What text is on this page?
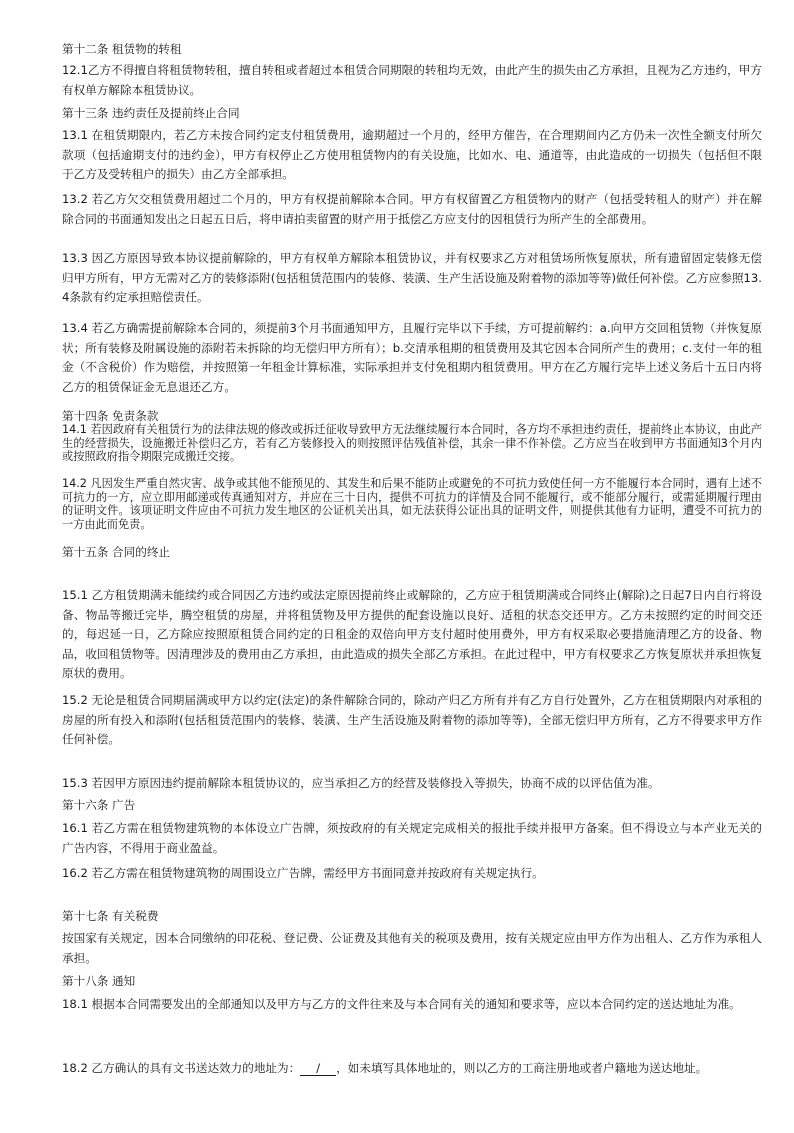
第十二条 租赁物的转租
12.1乙方不得擅自将租赁物转租，擅自转租或者超过本租赁合同期限的转租均无效，由此产生的损失由乙方承担，且视为乙方违约，甲方有权单方解除本租赁协议。
第十三条 违约责任及提前终止合同
13.1 在租赁期限内，若乙方未按合同约定支付租赁费用，逾期超过一个月的，经甲方催告，在合理期间内乙方仍未一次性全额支付所欠款项（包括逾期支付的违约金），甲方有权停止乙方使用租赁物内的有关设施，比如水、电、通道等，由此造成的一切损失（包括但不限于乙方及受转租户的损失）由乙方全部承担。
13.2 若乙方欠交租赁费用超过二个月的，甲方有权提前解除本合同。甲方有权留置乙方租赁物内的财产（包括受转租人的财产）并在解除合同的书面通知发出之日起五日后，将申请拍卖留置的财产用于抵偿乙方应支付的因租赁行为所产生的全部费用。
13.3 因乙方原因导致本协议提前解除的，甲方有权单方解除本租赁协议，并有权要求乙方对租赁场所恢复原状，所有遗留固定装修无偿归甲方所有，甲方无需对乙方的装修添附(包括租赁范围内的装修、装潢、生产生活设施及附着物的添加等等)做任何补偿。乙方应参照13.4条款有约定承担赔偿责任。
13.4 若乙方确需提前解除本合同的，须提前3个月书面通知甲方，且履行完毕以下手续，方可提前解约：a.向甲方交回租赁物（并恢复原状；所有装修及附属设施的添附若未拆除的均无偿归甲方所有）；b.交清承租期的租赁费用及其它因本合同所产生的费用；c.支付一年的租金（不含税价）作为赔偿，并按照第一年租金计算标准，实际承担并支付免租期内租赁费用。甲方在乙方履行完毕上述义务后十五日内将乙方的租赁保证金无息退还乙方。
第十四条 免责条款
14.1 若因政府有关租赁行为的法律法规的修改或拆迁征收导致甲方无法继续履行本合同时，各方均不承担违约责任，提前终止本协议，由此产生的经营损失，设施搬迁补偿归乙方，若有乙方装修投入的则按照评估残值补偿，其余一律不作补偿。乙方应当在收到甲方书面通知3个月内或按照政府指令期限完成搬迁交接。
14.2 凡因发生严重自然灾害、战争或其他不能预见的、其发生和后果不能防止或避免的不可抗力致使任何一方不能履行本合同时，遇有上述不可抗力的一方，应立即用邮递或传真通知对方，并应在三十日内，提供不可抗力的详情及合同不能履行，或不能部分履行，或需延期履行理由的证明文件。该项证明文件应由不可抗力发生地区的公证机关出具，如无法获得公证出具的证明文件，则提供其他有力证明，遭受不可抗力的一方由此而免责。
第十五条 合同的终止
15.1 乙方租赁期满未能续约或合同因乙方违约或法定原因提前终止或解除的，乙方应于租赁期满或合同终止(解除)之日起7日内自行将设备、物品等搬迁完毕，腾空租赁的房屋，并将租赁物及甲方提供的配套设施以良好、适租的状态交还甲方。乙方未按照约定的时间交还的，每迟延一日，乙方除应按照原租赁合同约定的日租金的双倍向甲方支付超时使用费外，甲方有权采取必要措施清理乙方的设备、物品，收回租赁物等。因清理涉及的费用由乙方承担，由此造成的损失全部乙方承担。在此过程中，甲方有权要求乙方恢复原状并承担恢复原状的费用。
15.2 无论是租赁合同期届满或甲方以约定(法定)的条件解除合同的，除动产归乙方所有并有乙方自行处置外，乙方在租赁期限内对承租的房屋的所有投入和添附(包括租赁范围内的装修、装潢、生产生活设施及附着物的添加等等)，全部无偿归甲方所有，乙方不得要求甲方作任何补偿。
15.3 若因甲方原因违约提前解除本租赁协议的，应当承担乙方的经营及装修投入等损失，协商不成的以评估值为准。
第十六条 广告
16.1 若乙方需在租赁物建筑物的本体设立广告牌，须按政府的有关规定完成相关的报批手续并报甲方备案。但不得设立与本产业无关的广告内容，不得用于商业盈益。
16.2 若乙方需在租赁物建筑物的周围设立广告牌，需经甲方书面同意并按政府有关规定执行。
第十七条 有关税费
按国家有关规定，因本合同缴纳的印花税、登记费、公证费及其他有关的税项及费用，按有关规定应由甲方作为出租人、乙方作为承租人承担。
第十八条 通知
18.1 根据本合同需要发出的全部通知以及甲方与乙方的文件往来及与本合同有关的通知和要求等，应以本合同约定的送达地址为准。
18.2 乙方确认的具有文书送达效力的地址为： / ，如未填写具体地址的，则以乙方的工商注册地或者户籍地为送达地址。
